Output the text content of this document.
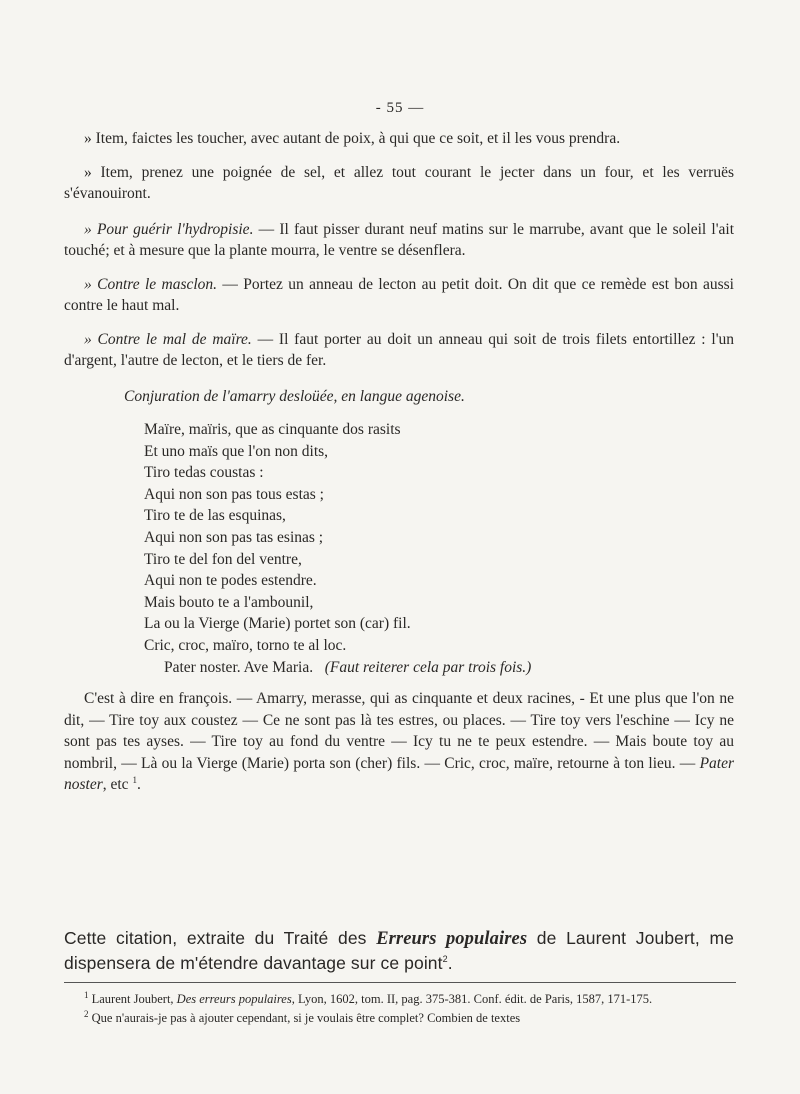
- 55 —

» Item, faictes les toucher, avec autant de poix, à qui que ce soit, et il les vous prendra.

» Item, prenez une poignée de sel, et allez tout courant le jecter dans un four, et les verruës s'évanouiront.

» Pour guérir l'hydropisie. — Il faut pisser durant neuf matins sur le marrube, avant que le soleil l'ait touché; et à mesure que la plante mourra, le ventre se désenflera.

» Contre le masclon. — Portez un anneau de lecton au petit doit. On dit que ce remède est bon aussi contre le haut mal.

» Contre le mal de maïre. — Il faut porter au doit un anneau qui soit de trois filets entortillez : l'un d'argent, l'autre de lecton, et le tiers de fer.

Conjuration de l'amarry desloüée, en langue agenoise.

Maïre, maïris, que as cinquante dos rasits
Et uno maïs que l'on non dits,
Tiro tedas coustas :
Aqui non son pas tous estas ;
Tiro te de las esquinas,
Aqui non son pas tas esinas ;
Tiro te del fon del ventre,
Aqui non te podes estendre.
Mais bouto te a l'ambounil,
La ou la Vierge (Marie) portet son (car) fil.
Cric, croc, maïro, torno te al loc.
Pater noster. Ave Maria. (Faut reiterer cela par trois fois.)

C'est à dire en françois. — Amarry, merasse, qui as cinquante et deux racines, - Et une plus que l'on ne dit, — Tire toy aux coustez — Ce ne sont pas là tes estres, ou places. — Tire toy vers l'eschine — Icy ne sont pas tes ayses. — Tire toy au fond du ventre — Icy tu ne te peux estendre. — Mais boute toy au nombril, — Là ou la Vierge (Marie) porta son (cher) fils. — Cric, croc, maïre, retourne à ton lieu. — Pater noster, etc $^1$.

Cette citation, extraite du Traité des Erreurs populaires de Laurent Joubert, me dispensera de m'étendre davantage sur ce point$^2$.

$^1$ Laurent Joubert, Des erreurs populaires, Lyon, 1602, tom. II, pag. 375-381. Conf. édit. de Paris, 1587, 171-175.

$^2$ Que n'aurais-je pas à ajouter cependant, si je voulais être complet? Combien de textes
